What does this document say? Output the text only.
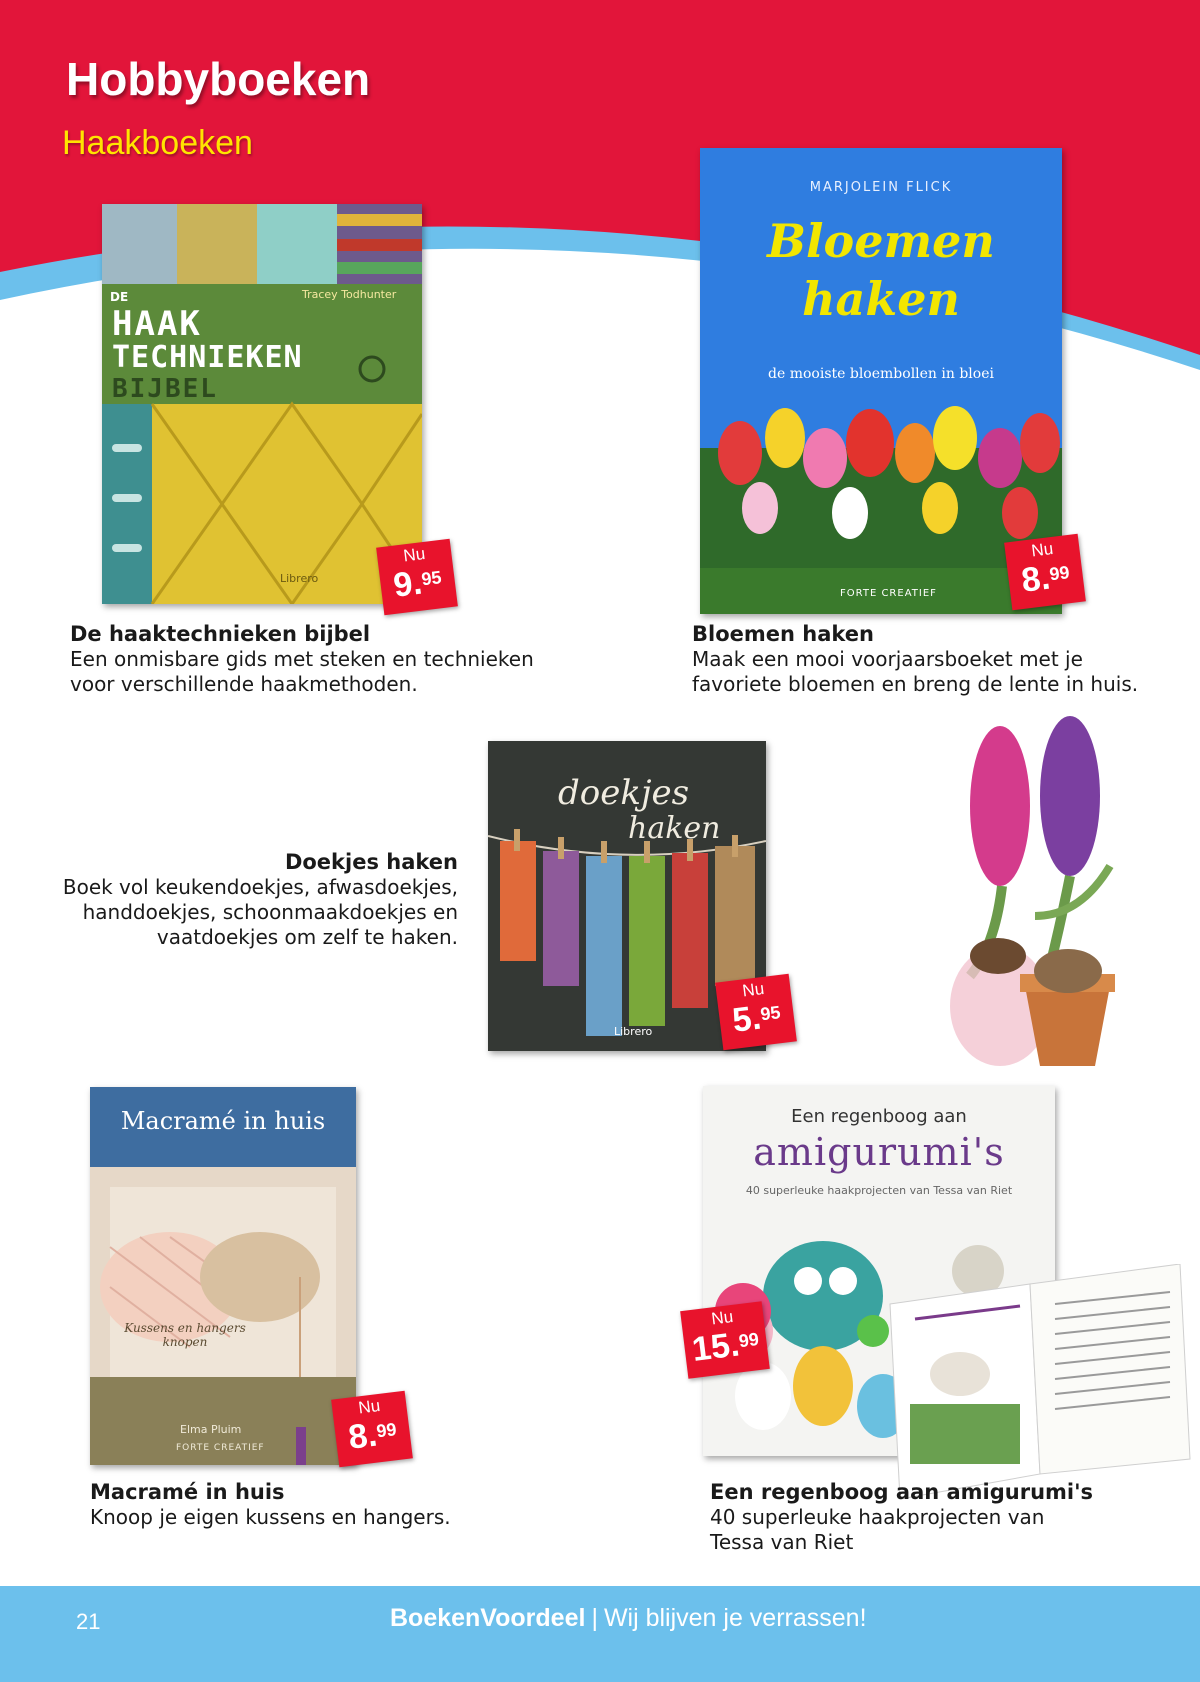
Hobbyboeken
Haakboeken
DE	Tracey Todhunter
HAAK
TECHNIEKEN
BIJBEL
Librero
Nu
9.95
De haaktechnieken bijbel
Een onmisbare gids met steken en technieken
voor verschillende haakmethoden.
MARJOLEIN FLICK
Bloemen
haken
de mooiste bloembollen in bloei
FORTE CREATIEF
Nu
8.99
Bloemen haken
Maak een mooi voorjaarsboeket met je
favoriete bloemen en breng de lente in huis.
Doekjes haken
Boek vol keukendoekjes, afwasdoekjes,
handdoekjes, schoonmaakdoekjes en
vaatdoekjes om zelf te haken.
doekjes
haken
Librero
Nu
5.95
Macramé in huis
Kussens en hangers knopen
Elma Pluim
FORTE CREATIEF
Nu
8.99
Macramé in huis
Knoop je eigen kussens en hangers.
Een regenboog aan
amigurumi's
40 superleuke haakprojecten van Tessa van Riet
Nu
15.99
Een regenboog aan amigurumi's
40 superleuke haakprojecten van
Tessa van Riet
21	BoekenVoordeel | Wij blijven je verrassen!
